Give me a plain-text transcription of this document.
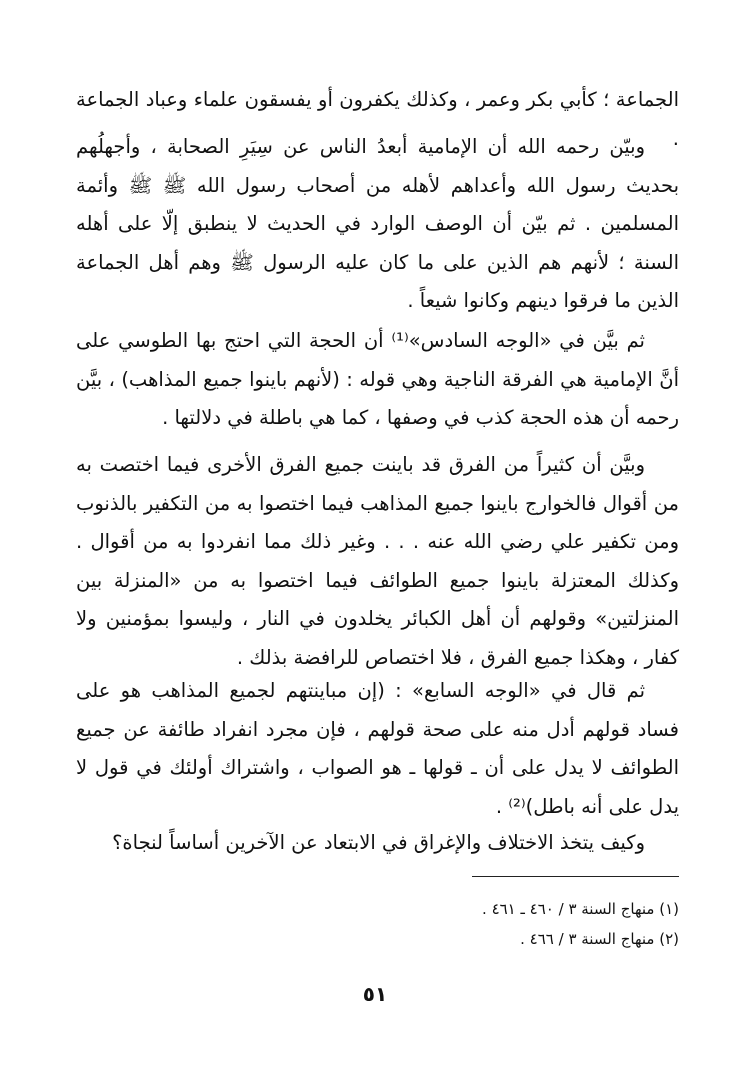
الجماعة ؛ كأبي بكر وعمر ، وكذلك يكفرون أو يفسقون علماء وعباد الجماعة .

وبيّن رحمه الله أن الإمامية أبعدُ الناس عن سِيَرِ الصحابة ، وأجهلُهم بحديث رسول الله وأعداهم لأهله من أصحاب رسول الله ﷺ ﷺ وأئمة المسلمين . ثم بيّن أن الوصف الوارد في الحديث لا ينطبق إلّا على أهله السنة ؛ لأنهم هم الذين على ما كان عليه الرسول ﷺ وهم أهل الجماعة الذين ما فرقوا دينهم وكانوا شيعاً .

ثم بيَّن في «الوجه السادس»⁽¹⁾ أن الحجة التي احتج بها الطوسي على أنَّ الإمامية هي الفرقة الناجية وهي قوله : (لأنهم باينوا جميع المذاهب) ، بيَّن رحمه أن هذه الحجة كذب في وصفها ، كما هي باطلة في دلالتها .

وبيَّن أن كثيراً من الفرق قد باينت جميع الفرق الأخرى فيما اختصت به من أقوال فالخوارج باينوا جميع المذاهب فيما اختصوا به من التكفير بالذنوب ومن تكفير علي رضي الله عنه . . . وغير ذلك مما انفردوا به من أقوال . وكذلك المعتزلة باينوا جميع الطوائف فيما اختصوا به من «المنزلة بين المنزلتين» وقولهم أن أهل الكبائر يخلدون في النار ، وليسوا بمؤمنين ولا كفار ، وهكذا جميع الفرق ، فلا اختصاص للرافضة بذلك .

ثم قال في «الوجه السابع» : (إن مباينتهم لجميع المذاهب هو على فساد قولهم أدل منه على صحة قولهم ، فإن مجرد انفراد طائفة عن جميع الطوائف لا يدل على أن ـ قولها ـ هو الصواب ، واشتراك أولئك في قول لا يدل على أنه باطل)⁽²⁾ .

وكيف يتخذ الاختلاف والإغراق في الابتعاد عن الآخرين أساساً لنجاة؟

(١) منهاج السنة ٣ / ٤٦٠ ـ ٤٦١ .

(٢) منهاج السنة ٣ / ٤٦٦ .

٥١
